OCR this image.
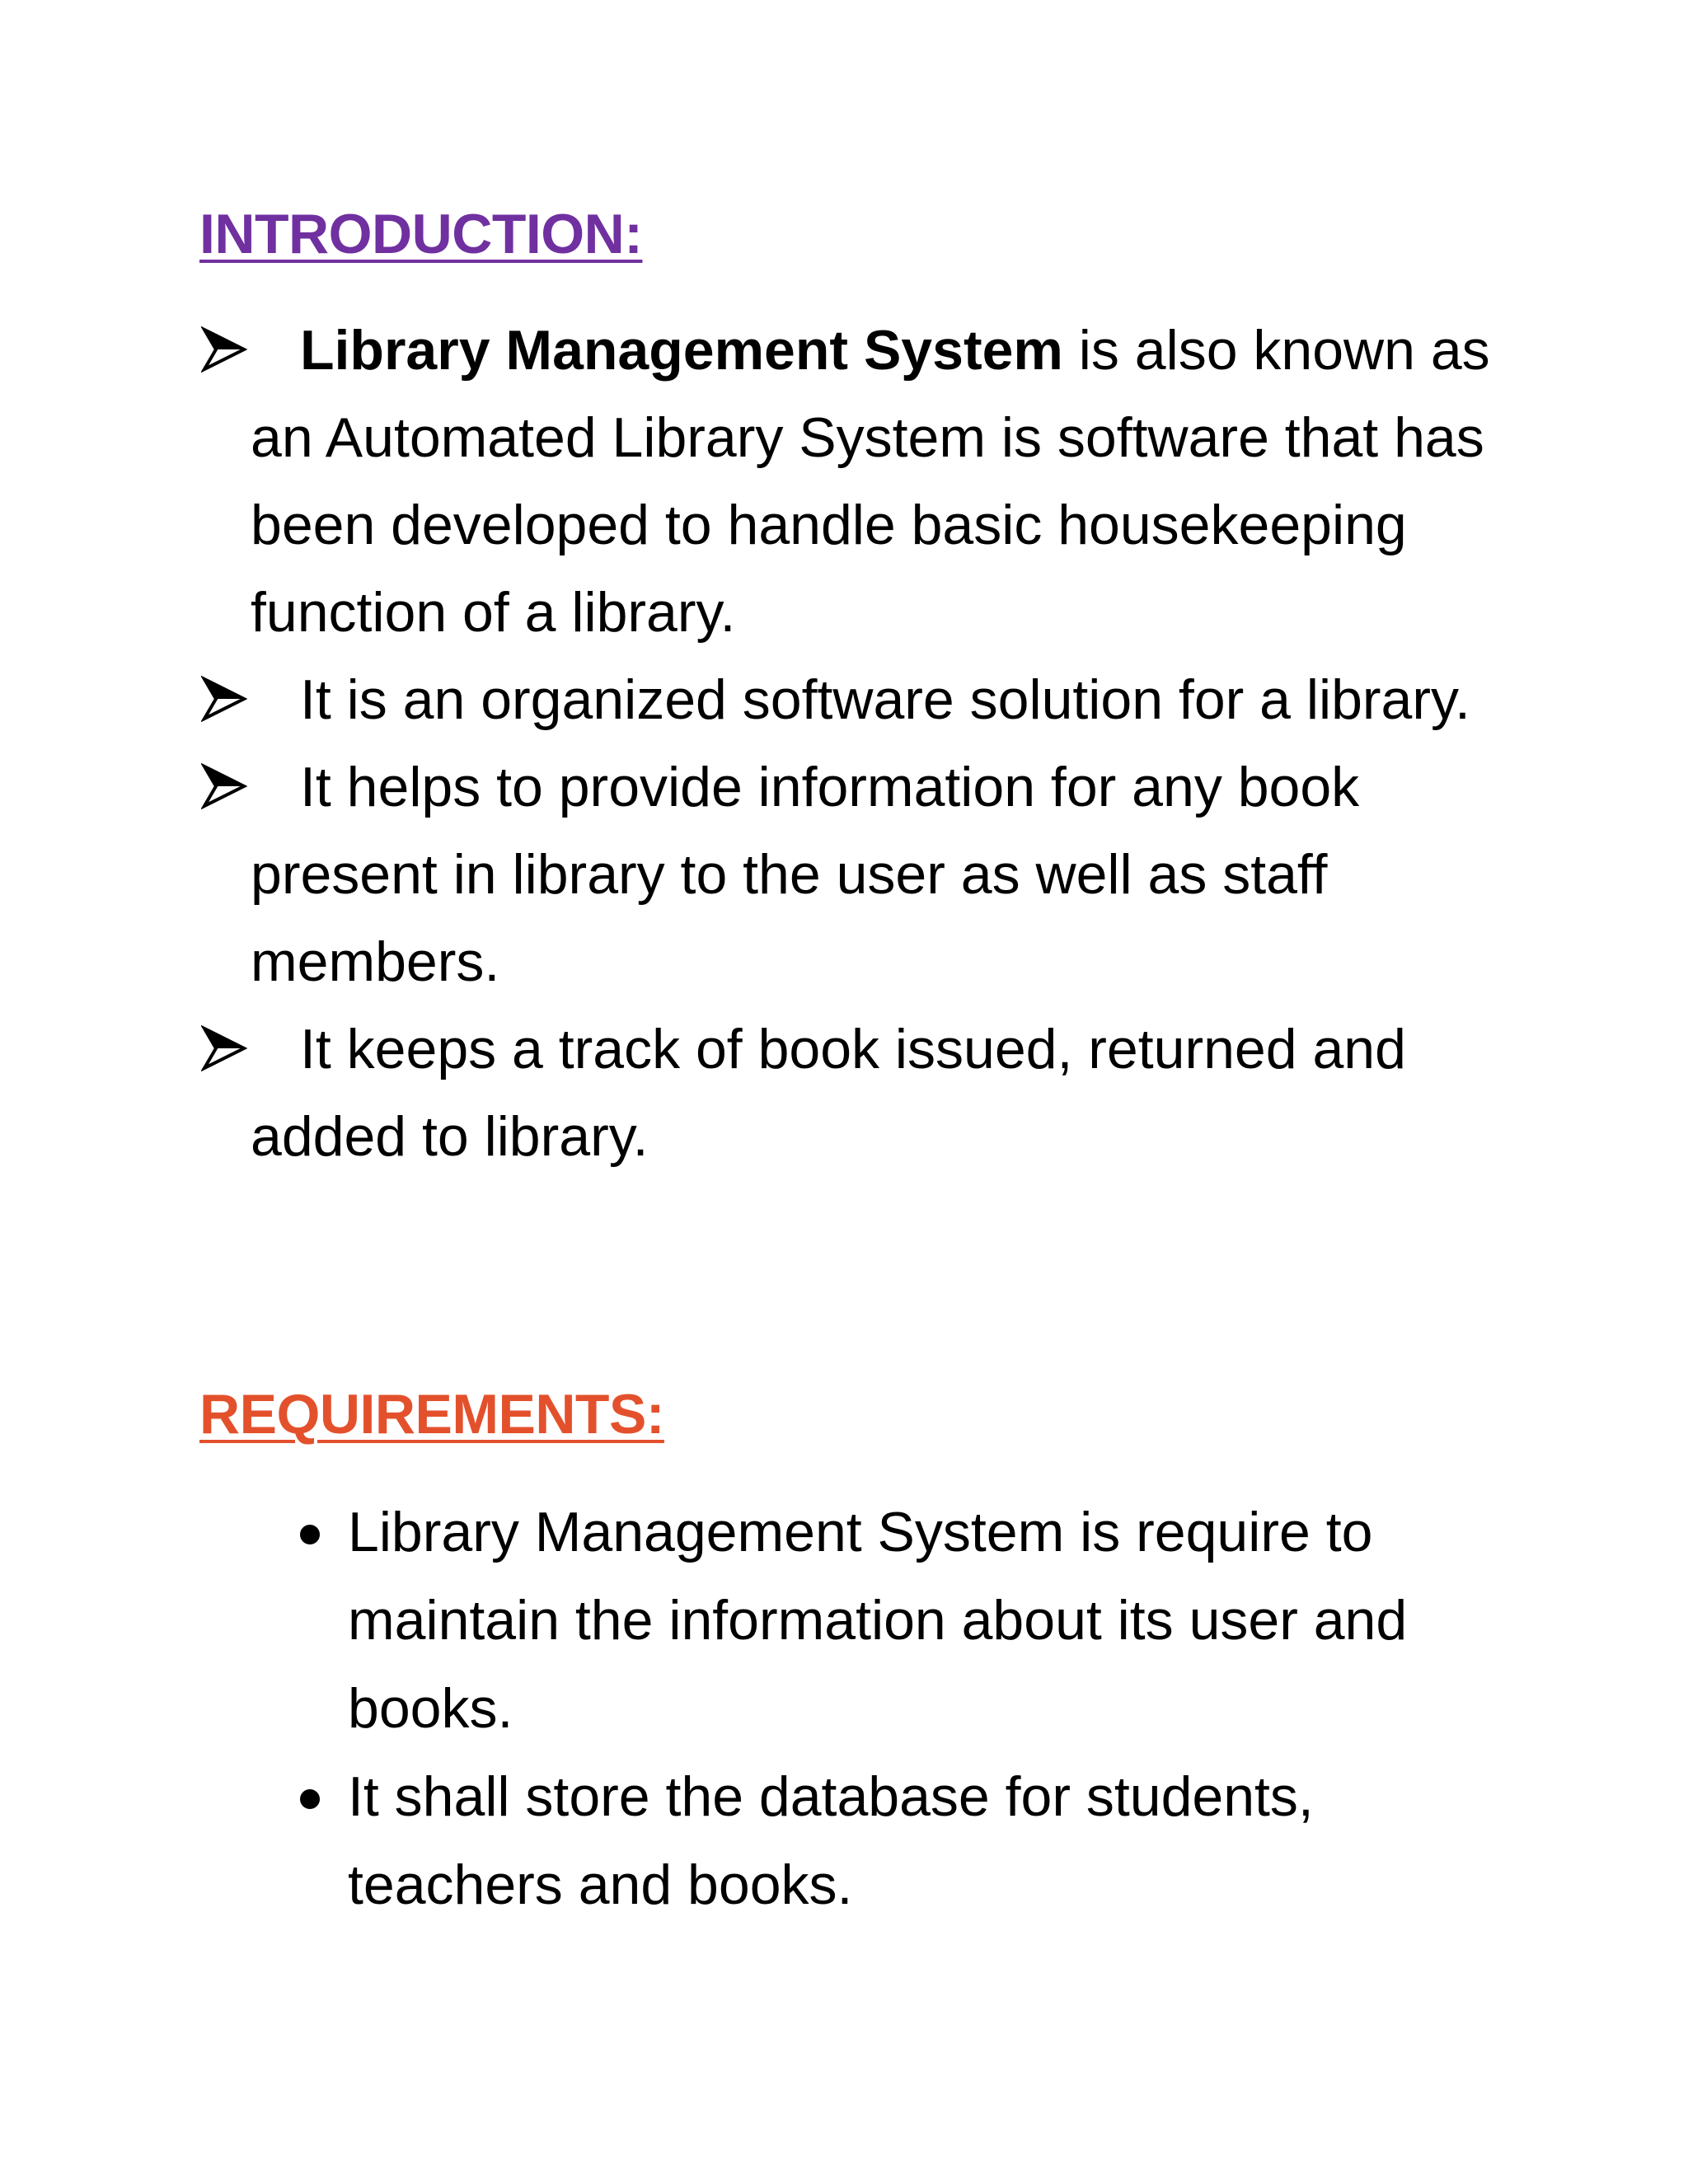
INTRODUCTION:
Library Management System is also known as an Automated Library System is software that has been developed to handle basic housekeeping function of a library.
It is an organized software solution for a library.
It helps to provide information for any book present in library to the user as well as staff members.
It keeps a track of book issued, returned and added to library.
REQUIREMENTS:
Library Management System is require to maintain the information about its user and books.
It shall store the database for students, teachers and books.
